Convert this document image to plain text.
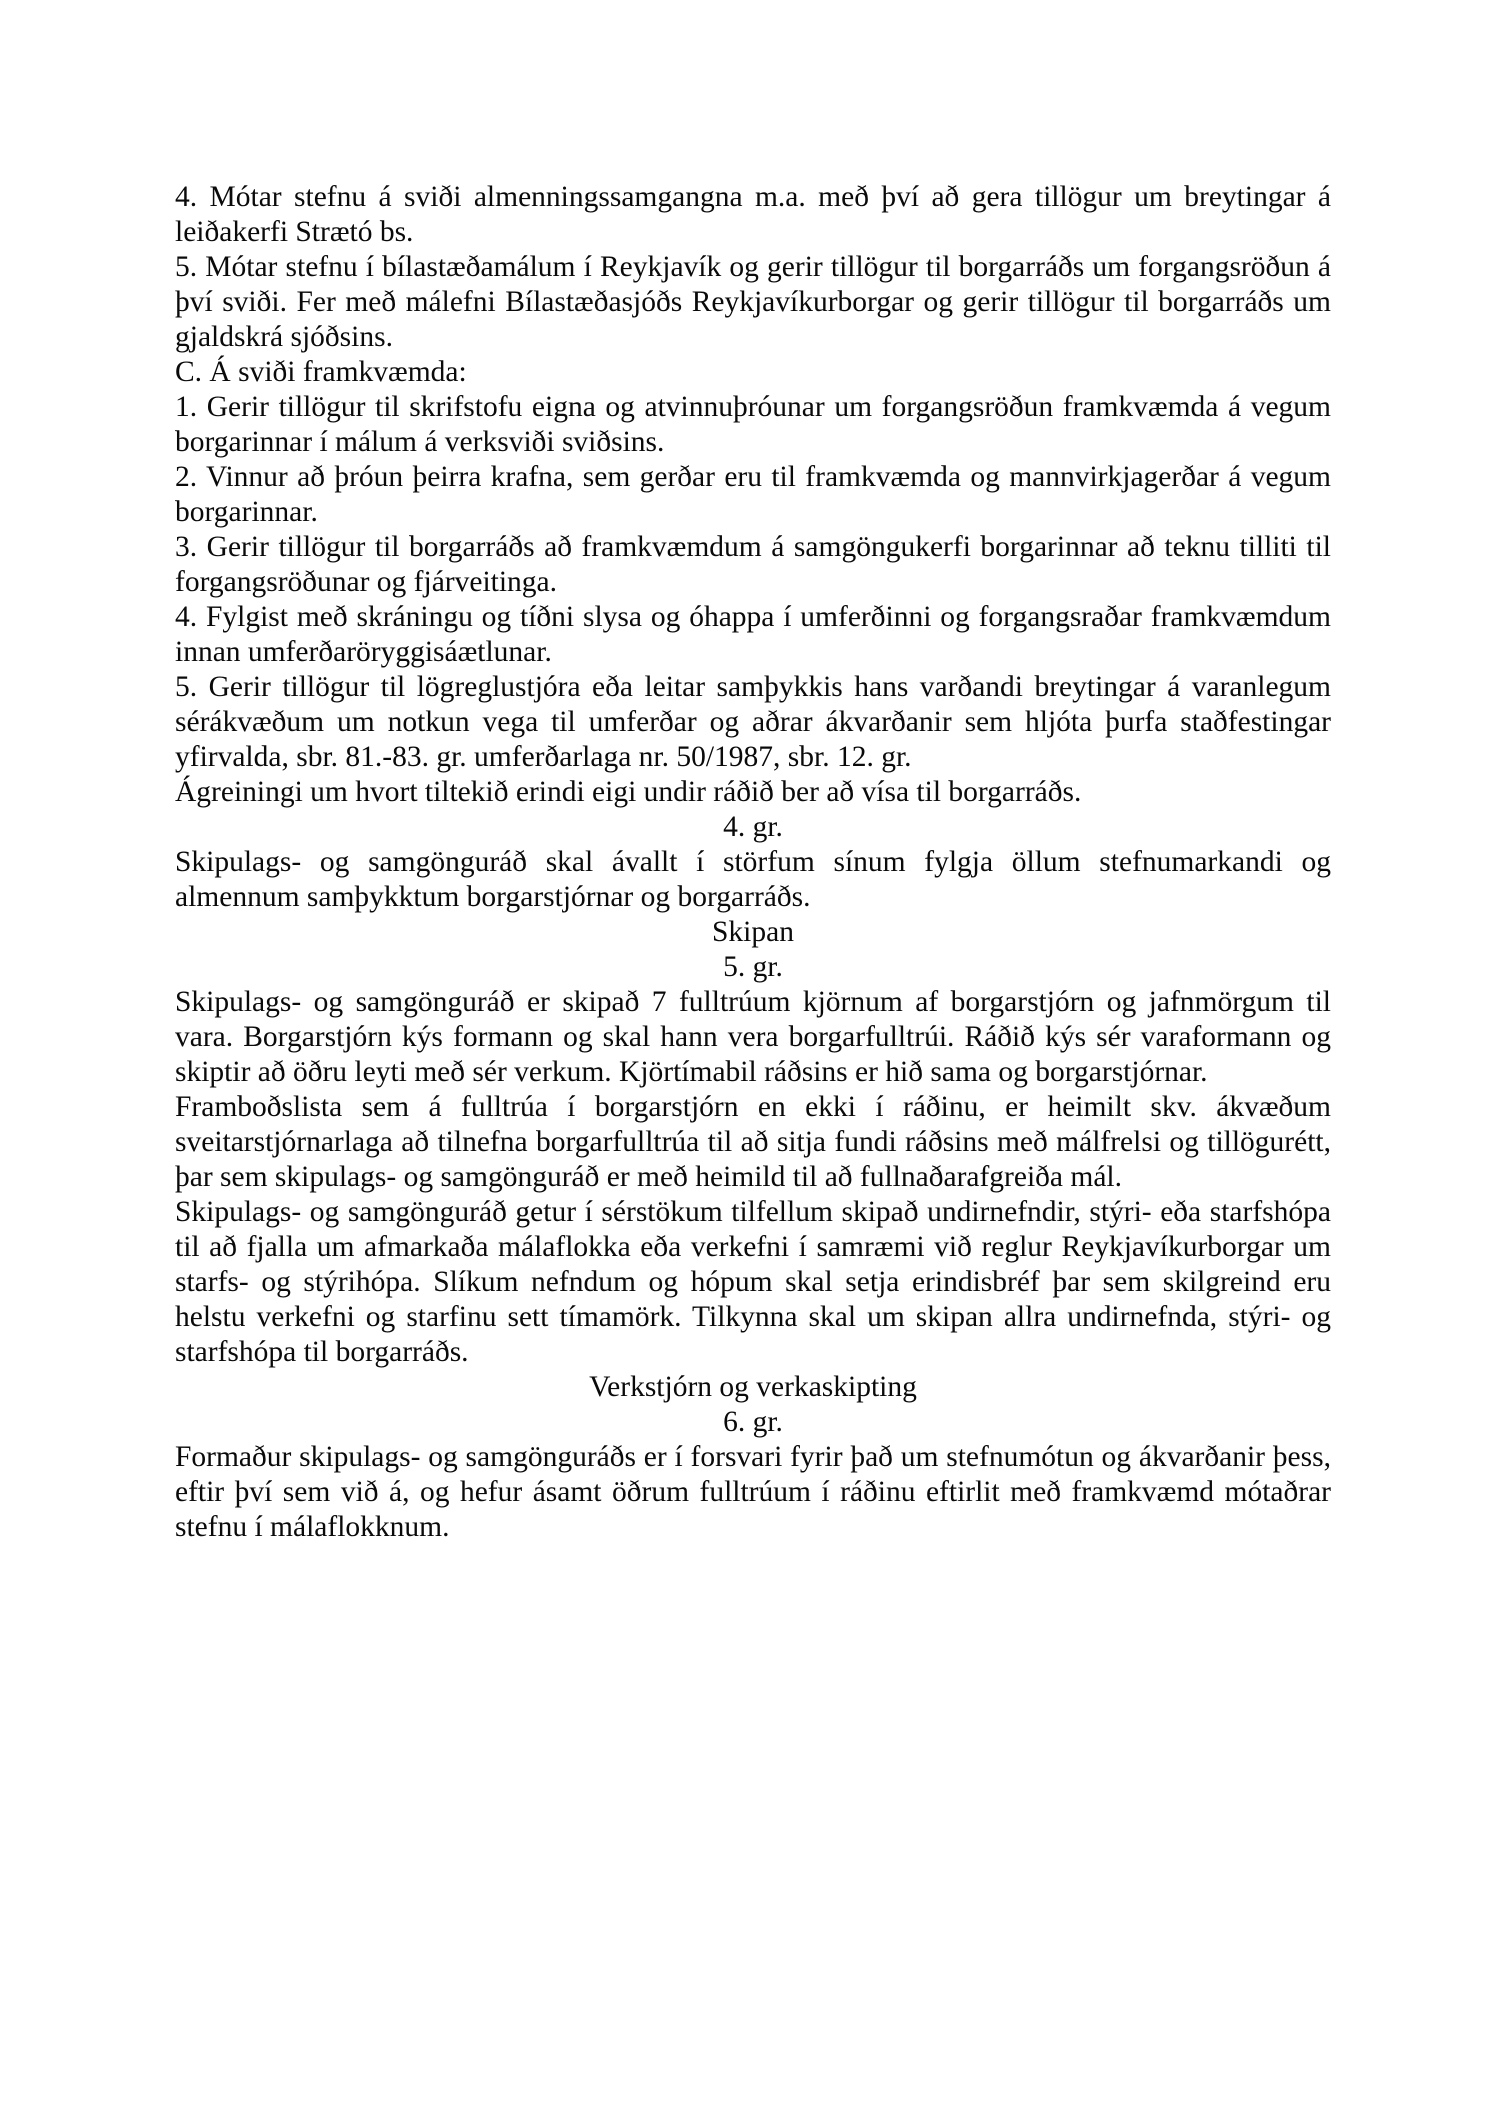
4. Mótar stefnu á sviði almenningssamgangna m.a. með því að gera tillögur um breytingar á leiðakerfi Strætó bs.

5. Mótar stefnu í bílastæðamálum í Reykjavík og gerir tillögur til borgarráðs um forgangsröðun á því sviði. Fer með málefni Bílastæðasjóðs Reykjavíkurborgar og gerir tillögur til borgarráðs um gjaldskrá sjóðsins.

C. Á sviði framkvæmda:

1. Gerir tillögur til skrifstofu eigna og atvinnuþróunar um forgangsröðun framkvæmda á vegum borgarinnar í málum á verksviði sviðsins.

2. Vinnur að þróun þeirra krafna, sem gerðar eru til framkvæmda og mannvirkjagerðar á vegum borgarinnar.

3. Gerir tillögur til borgarráðs að framkvæmdum á samgöngukerfi borgarinnar að teknu tilliti til forgangsröðunar og fjárveitinga.

4. Fylgist með skráningu og tíðni slysa og óhappa í umferðinni og forgangsraðar framkvæmdum innan umferðaröryggisáætlunar.

5. Gerir tillögur til lögreglustjóra eða leitar samþykkis hans varðandi breytingar á varanlegum sérákvæðum um notkun vega til umferðar og aðrar ákvarðanir sem hljóta þurfa staðfestingar yfirvalda, sbr. 81.-83. gr. umferðarlaga nr. 50/1987, sbr. 12. gr.

Ágreiningi um hvort tiltekið erindi eigi undir ráðið ber að vísa til borgarráðs.

4. gr.

Skipulags- og samgönguráð skal ávallt í störfum sínum fylgja öllum stefnumarkandi og almennum samþykktum borgarstjórnar og borgarráðs.

Skipan

5. gr.

Skipulags- og samgönguráð er skipað 7 fulltrúum kjörnum af borgarstjórn og jafnmörgum til vara. Borgarstjórn kýs formann og skal hann vera borgarfulltrúi. Ráðið kýs sér varaformann og skiptir að öðru leyti með sér verkum. Kjörtímabil ráðsins er hið sama og borgarstjórnar.

Framboðslista sem á fulltrúa í borgarstjórn en ekki í ráðinu, er heimilt skv. ákvæðum sveitarstjórnarlaga að tilnefna borgarfulltrúa til að sitja fundi ráðsins með málfrelsi og tillögurétt, þar sem skipulags- og samgönguráð er með heimild til að fullnaðarafgreiða mál.

Skipulags- og samgönguráð getur í sérstökum tilfellum skipað undirnefndir, stýri- eða starfshópa til að fjalla um afmarkaða málaflokka eða verkefni í samræmi við reglur Reykjavíkurborgar um starfs- og stýrihópa. Slíkum nefndum og hópum skal setja erindisbréf þar sem skilgreind eru helstu verkefni og starfinu sett tímamörk. Tilkynna skal um skipan allra undirnefnda, stýri- og starfshópa til borgarráðs.

Verkstjórn og verkaskipting

6. gr.

Formaður skipulags- og samgönguráðs er í forsvari fyrir það um stefnumótun og ákvarðanir þess, eftir því sem við á, og hefur ásamt öðrum fulltrúum í ráðinu eftirlit með framkvæmd mótaðrar stefnu í málaflokknum.
